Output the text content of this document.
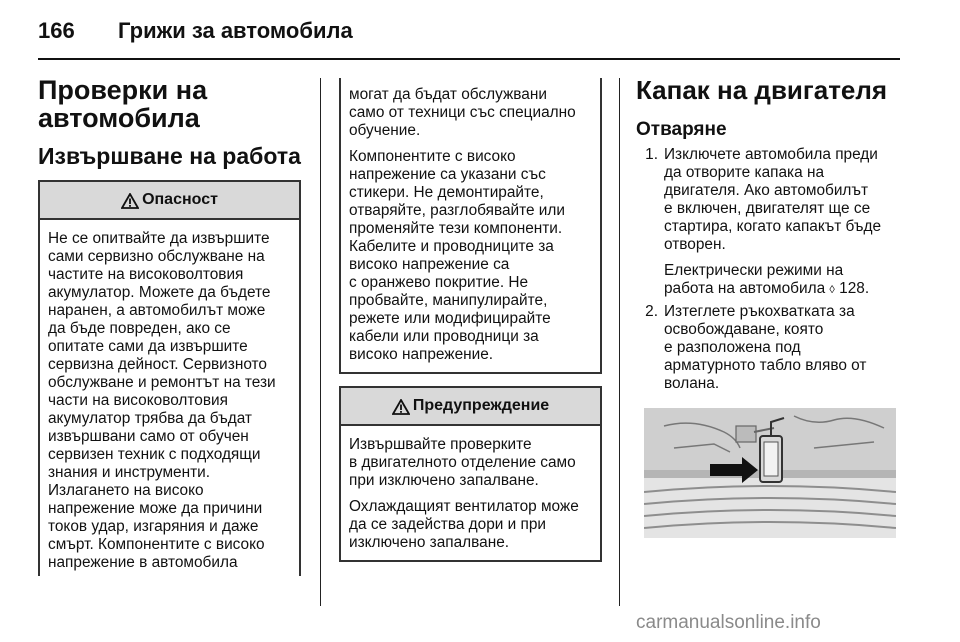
166 Грижи за автомобила
Проверки на
автомобила
Извършване на работа
Опасност
Не се опитвайте да извършите
сами сервизно обслужване на
частите на високоволтовия
акумулатор. Можете да бъдете
наранен, а автомобилът може
да бъде повреден, ако се
опитате сами да извършите
сервизна дейност. Сервизното
обслужване и ремонтът на тези
части на високоволтовия
акумулатор трябва да бъдат
извършвани само от обучен
сервизен техник с подходящи
знания и инструменти.
Излагането на високо
напрежение може да причини
токов удар, изгаряния и даже
смърт. Компонентите с високо
напрежение в автомобила

могат да бъдат обслужвани
само от техници със специално
обучение.

Компонентите с високо
напрежение са указани със
стикери. Не демонтирайте,
отваряйте, разглобявайте или
променяйте тези компоненти.
Кабелите и проводниците за
високо напрежение са
с оранжево покритие. Не
пробвайте, манипулирайте,
режете или модифицирайте
кабели или проводници за
високо напрежение.

Предупреждение

Извършвайте проверките
в двигателното отделение само
при изключено запалване.

Охлаждащият вентилатор може
да се задейства дори и при
изключено запалване.

Капак на двигателя
Отваряне
1. Изключете автомобила преди
да отворите капака на
двигателя. Ако автомобилът
е включен, двигателят ще се
стартира, когато капакът бъде
отворен.

Електрически режими на
работа на автомобила ◊ 128.

2. Изтеглете ръкохватката за
освобождаване, която
е разположена под
арматурното табло вляво от
волана.

carmanualsonline.info
